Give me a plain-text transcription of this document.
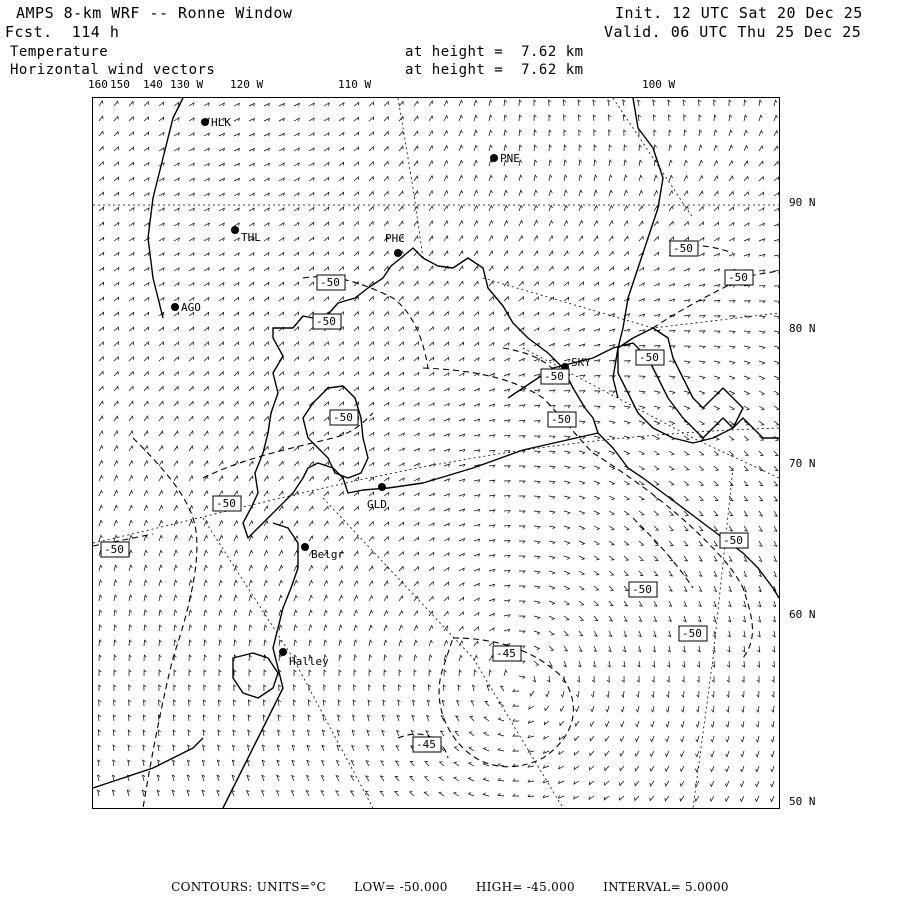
AMPS 8-km WRF -- Ronne Window
Fcst.  114 h
Temperature
Horizontal wind vectors
at height =  7.62 km
at height =  7.62 km
Init. 12 UTC Sat 20 Dec 25
Valid. 06 UTC Thu 25 Dec 25
160 150 140 130 W 120 W	110 W	100 W
90 N
80 N
70 N
60 N
50 N
HLK
PNE
THL	PHC
AGO
SKY
GLD
Belgr
Halley
-50
-50
-50
-50
-50
-50
-50	-50
-50
-50
-50
-50
-50
-50
-50
-45
-45
CONTOURS: UNITS=°C LOW= -50.000 HIGH= -45.000 INTERVAL= 5.0000
